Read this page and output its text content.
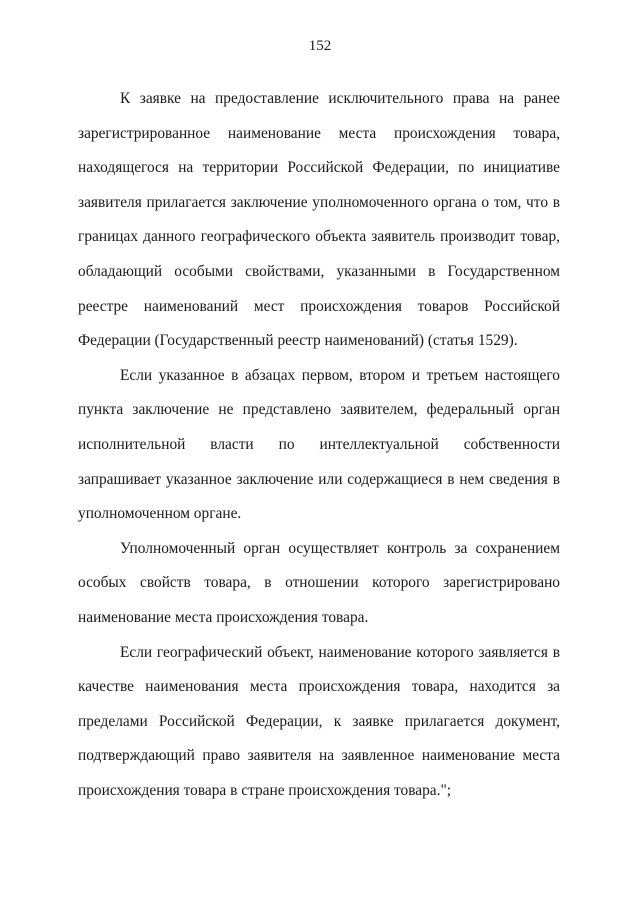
152

К заявке на предоставление исключительного права на ранее зарегистрированное наименование места происхождения товара, находящегося на территории Российской Федерации, по инициативе заявителя прилагается заключение уполномоченного органа о том, что в границах данного географического объекта заявитель производит товар, обладающий особыми свойствами, указанными в Государственном реестре наименований мест происхождения товаров Российской Федерации (Государственный реестр наименований) (статья 1529).

Если указанное в абзацах первом, втором и третьем настоящего пункта заключение не представлено заявителем, федеральный орган исполнительной власти по интеллектуальной собственности запрашивает указанное заключение или содержащиеся в нем сведения в уполномоченном органе.

Уполномоченный орган осуществляет контроль за сохранением особых свойств товара, в отношении которого зарегистрировано наименование места происхождения товара.

Если географический объект, наименование которого заявляется в качестве наименования места происхождения товара, находится за пределами Российской Федерации, к заявке прилагается документ, подтверждающий право заявителя на заявленное наименование места происхождения товара в стране происхождения товара.";
